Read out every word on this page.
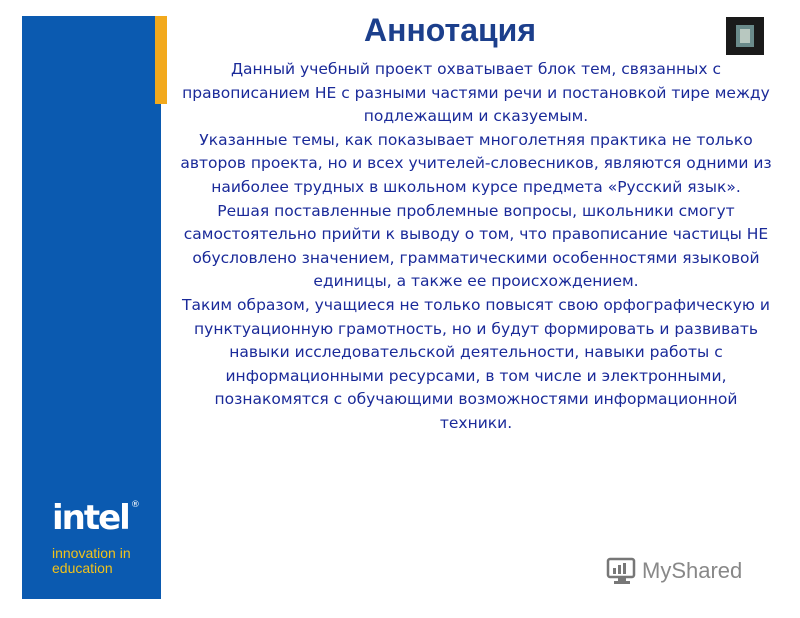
intel ®
innovation in
education
Аннотация

Данный учебный проект охватывает блок тем, связанных с правописанием НЕ с разными частями речи и постановкой тире между подлежащим и сказуемым.

Указанные темы, как показывает многолетняя практика не только авторов проекта, но и всех учителей-словесников, являются одними из наиболее трудных в школьном курсе предмета «Русский язык».

Решая поставленные проблемные вопросы, школьники смогут самостоятельно прийти к выводу о том, что правописание частицы НЕ обусловлено значением, грамматическими особенностями языковой единицы, а также ее происхождением.

Таким образом, учащиеся не только повысят свою орфографическую и пунктуационную грамотность, но и будут формировать и развивать навыки исследовательской деятельности, навыки работы с информационными ресурсами, в том числе и электронными, познакомятся с обучающими возможностями информационной техники.

MyShared
